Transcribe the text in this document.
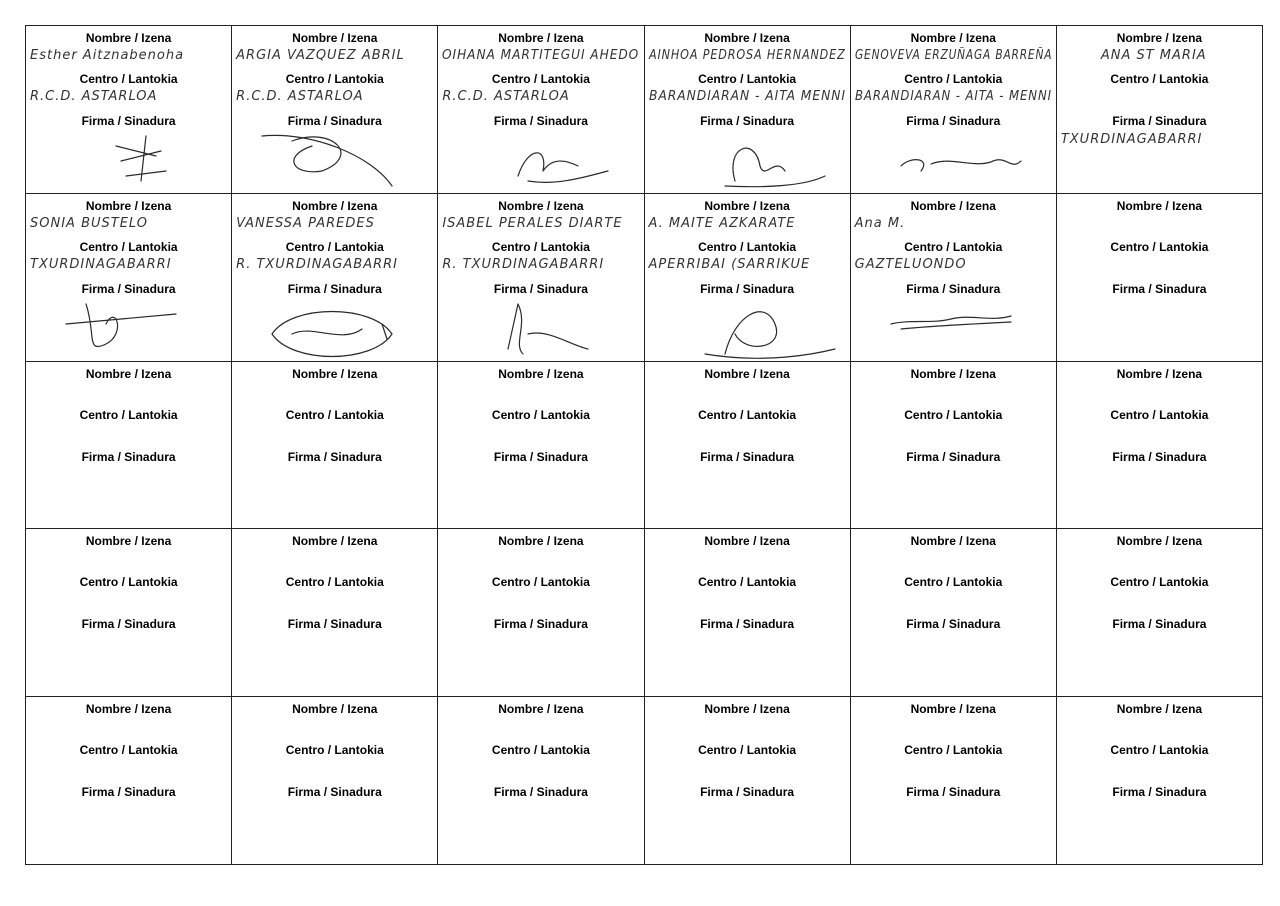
Nombre / Izena
Centro / Lantokia
Firma / Sinadura
Esther Aitznabenoha
R.C.D. ASTARLOA
Nombre / Izena
Centro / Lantokia
Firma / Sinadura
ARGIA VAZQUEZ ABRIL
R.C.D. ASTARLOA
Nombre / Izena
Centro / Lantokia
Firma / Sinadura
OIHANA MARTITEGUI AHEDO
R.C.D. ASTARLOA
Nombre / Izena
Centro / Lantokia
Firma / Sinadura
AINHOA PEDROSA HERNANDEZ
BARANDIARAN - AITA MENNI
Nombre / Izena
Centro / Lantokia
Firma / Sinadura
GENOVEVA ERZUÑAGA BARREÑA
BARANDIARAN - AITA - MENNI
Nombre / Izena
Centro / Lantokia
Firma / Sinadura
ANA ST MARIA
TXURDINAGABARRI
Nombre / Izena
Centro / Lantokia
Firma / Sinadura
SONIA BUSTELO
TXURDINAGABARRI
Nombre / Izena
Centro / Lantokia
Firma / Sinadura
VANESSA PAREDES
R. TXURDINAGABARRI
Nombre / Izena
Centro / Lantokia
Firma / Sinadura
ISABEL PERALES DIARTE
R. TXURDINAGABARRI
Nombre / Izena
Centro / Lantokia
Firma / Sinadura
A. MAITE AZKARATE
APERRIBAI (SARRIKUE
Nombre / Izena
Centro / Lantokia
Firma / Sinadura
Ana M.
GAZTELUONDO
Nombre / Izena
Centro / Lantokia
Firma / Sinadura
Nombre / Izena
Centro / Lantokia
Firma / Sinadura
Nombre / Izena
Centro / Lantokia
Firma / Sinadura
Nombre / Izena
Centro / Lantokia
Firma / Sinadura
Nombre / Izena
Centro / Lantokia
Firma / Sinadura
Nombre / Izena
Centro / Lantokia
Firma / Sinadura
Nombre / Izena
Centro / Lantokia
Firma / Sinadura
Nombre / Izena
Centro / Lantokia
Firma / Sinadura
Nombre / Izena
Centro / Lantokia
Firma / Sinadura
Nombre / Izena
Centro / Lantokia
Firma / Sinadura
Nombre / Izena
Centro / Lantokia
Firma / Sinadura
Nombre / Izena
Centro / Lantokia
Firma / Sinadura
Nombre / Izena
Centro / Lantokia
Firma / Sinadura
Nombre / Izena
Centro / Lantokia
Firma / Sinadura
Nombre / Izena
Centro / Lantokia
Firma / Sinadura
Nombre / Izena
Centro / Lantokia
Firma / Sinadura
Nombre / Izena
Centro / Lantokia
Firma / Sinadura
Nombre / Izena
Centro / Lantokia
Firma / Sinadura
Nombre / Izena
Centro / Lantokia
Firma / Sinadura
